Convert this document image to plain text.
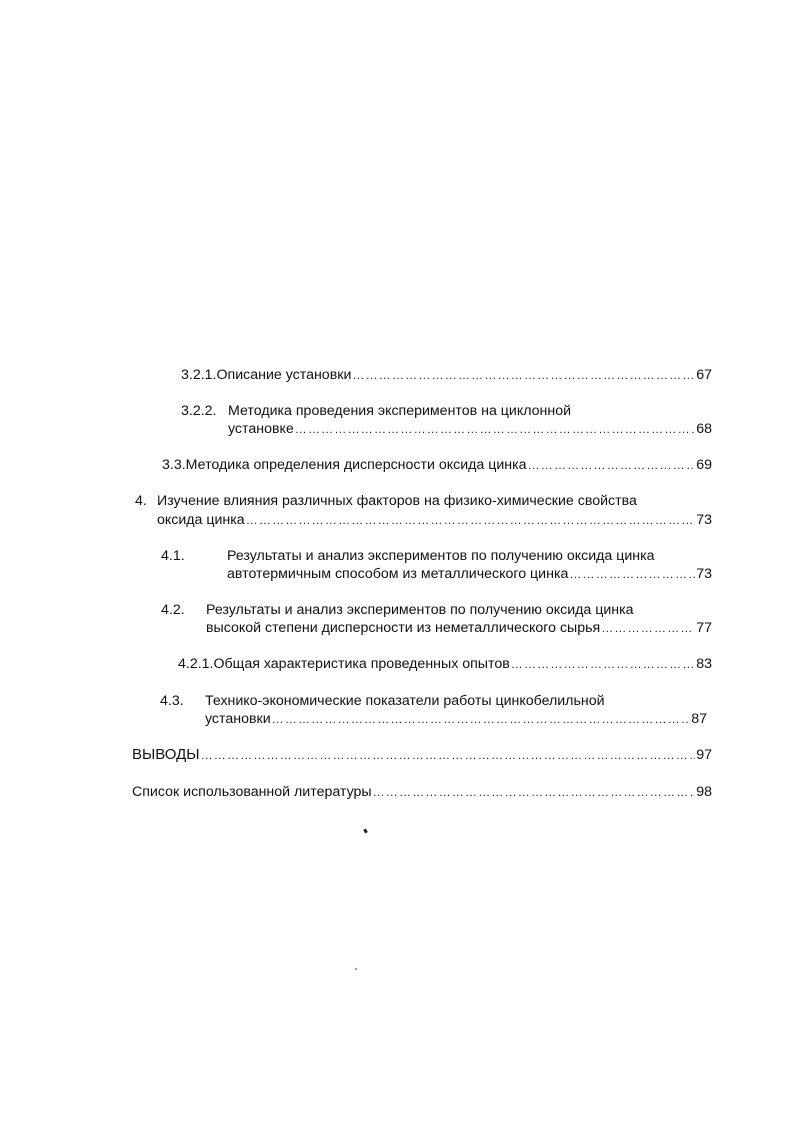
3.2.1. Описание установки …………………………………………………………………………………………………………………………………………………………………………………………	67
3.2.2. Методика проведения экспериментов на циклонной
установке …………………………………………………………………………………………………………………………………………………………………………………………	68
3.3. Методика определения дисперсности оксида цинка …………………………………………………………………………………………………………………………………………………………………………………………	69
4. Изучение влияния различных факторов на физико-химические свойства
оксида цинка …………………………………………………………………………………………………………………………………………………………………………………………	73
4.1.	Результаты и анализ экспериментов по получению оксида цинка
автотермичным способом из металлического цинка …………………………………………………………………………………………………………………………………………………………………………………………	73
4.2. Результаты и анализ экспериментов по получению оксида цинка
высокой степени дисперсности из неметаллического сырья …………………………………………………………………………………………………………………………………………………………………………………………	77
4.2.1. Общая характеристика проведенных опытов …………………………………………………………………………………………………………………………………………………………………………………………	83
4.3. Технико-экономические показатели работы цинкобелильной
установки …………………………………………………………………………………………………………………………………………………………………………………………	87
ВЫВОДЫ …………………………………………………………………………………………………………………………………………………………………………………………	97
Список использованной литературы …………………………………………………………………………………………………………………………………………………………………………………………	98
